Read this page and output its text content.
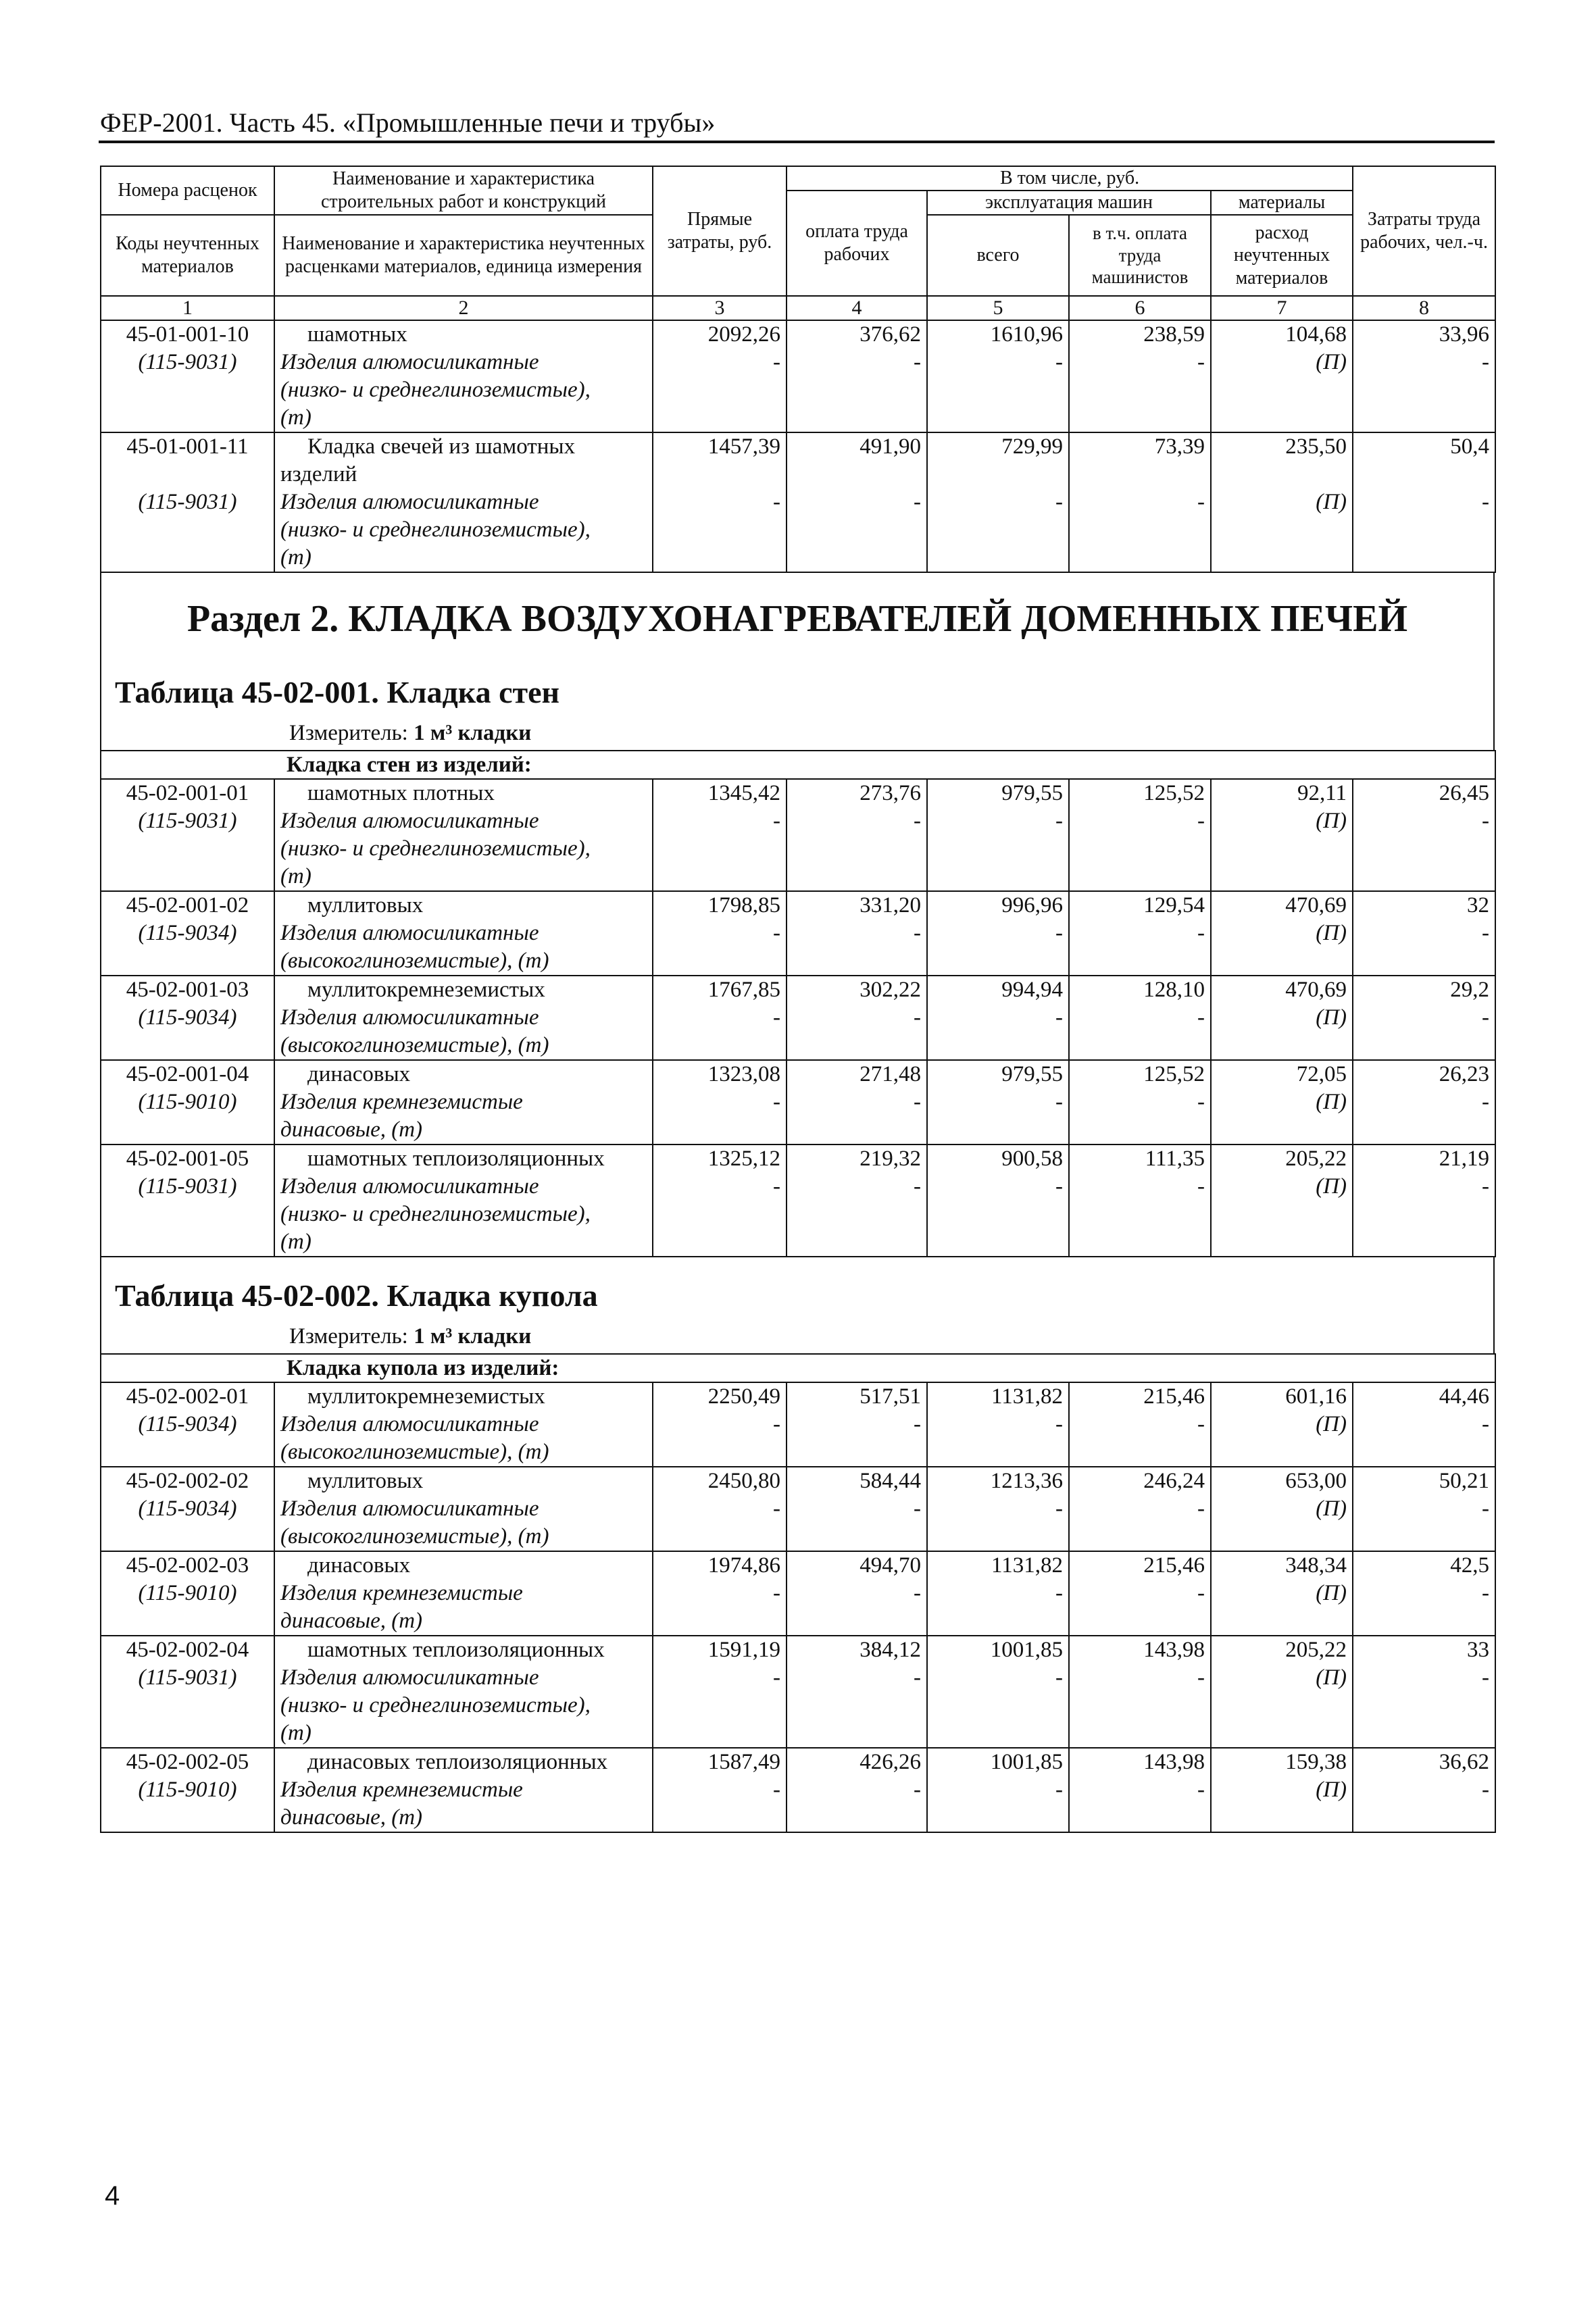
ФЕР-2001. Часть 45. «Промышленные печи и трубы»
Номера расценок	Наименование и характеристика строительных работ и конструкций	Прямые затраты, руб.	В том числе, руб.				Затраты труда рабочих, чел.-ч.
			оплата труда рабочих	эксплуатация машин		материалы	
Коды неучтенных материалов	Наименование и характеристика неучтенных расценками материалов, единица измерения			всего	в т.ч. оплата труда машинистов	расход неучтенных материалов	

1	2	3	4	5	6	7	8
45-01-001-10	шамотных	2092,26	376,62	1610,96	238,59	104,68	33,96
(115-9031)	Изделия алюмосиликатные	-	-	-	-	(П)	-
	(низко- и среднеглиноземистые),						
	(т)						
45-01-001-11	Кладка свечей из шамотных	1457,39	491,90	729,99	73,39	235,50	50,4
	изделий						
(115-9031)	Изделия алюмосиликатные	-	-	-	-	(П)	-
	(низко- и среднеглиноземистые),						
	(т)						
Раздел 2. КЛАДКА ВОЗДУХОНАГРЕВАТЕЛЕЙ ДОМЕННЫХ ПЕЧЕЙ
Таблица 45-02-001. Кладка стен
Измеритель: 1 м³ кладки
Кладка стен из изделий:							
45-02-001-01	шамотных плотных	1345,42	273,76	979,55	125,52	92,11	26,45
(115-9031)	Изделия алюмосиликатные	-	-	-	-	(П)	-
	(низко- и среднеглиноземистые),						
	(т)						
45-02-001-02	муллитовых	1798,85	331,20	996,96	129,54	470,69	32
(115-9034)	Изделия алюмосиликатные	-	-	-	-	(П)	-
	(высокоглиноземистые), (т)						
45-02-001-03	муллитокремнеземистых	1767,85	302,22	994,94	128,10	470,69	29,2
(115-9034)	Изделия алюмосиликатные	-	-	-	-	(П)	-
	(высокоглиноземистые), (т)						
45-02-001-04	динасовых	1323,08	271,48	979,55	125,52	72,05	26,23
(115-9010)	Изделия кремнеземистые	-	-	-	-	(П)	-
	динасовые, (т)						
45-02-001-05	шамотных теплоизоляционных	1325,12	219,32	900,58	111,35	205,22	21,19
(115-9031)	Изделия алюмосиликатные	-	-	-	-	(П)	-
	(низко- и среднеглиноземистые),						
	(т)						
Таблица 45-02-002. Кладка купола
Измеритель: 1 м³ кладки
Кладка купола из изделий:							
45-02-002-01	муллитокремнеземистых	2250,49	517,51	1131,82	215,46	601,16	44,46
(115-9034)	Изделия алюмосиликатные	-	-	-	-	(П)	-
	(высокоглиноземистые), (т)						
45-02-002-02	муллитовых	2450,80	584,44	1213,36	246,24	653,00	50,21
(115-9034)	Изделия алюмосиликатные	-	-	-	-	(П)	-
	(высокоглиноземистые), (т)						
45-02-002-03	динасовых	1974,86	494,70	1131,82	215,46	348,34	42,5
(115-9010)	Изделия кремнеземистые	-	-	-	-	(П)	-
	динасовые, (т)						
45-02-002-04	шамотных теплоизоляционных	1591,19	384,12	1001,85	143,98	205,22	33
(115-9031)	Изделия алюмосиликатные	-	-	-	-	(П)	-
	(низко- и среднеглиноземистые),						
	(т)						
45-02-002-05	динасовых теплоизоляционных	1587,49	426,26	1001,85	143,98	159,38	36,62
(115-9010)	Изделия кремнеземистые	-	-	-	-	(П)	-
	динасовые, (т)						
4
